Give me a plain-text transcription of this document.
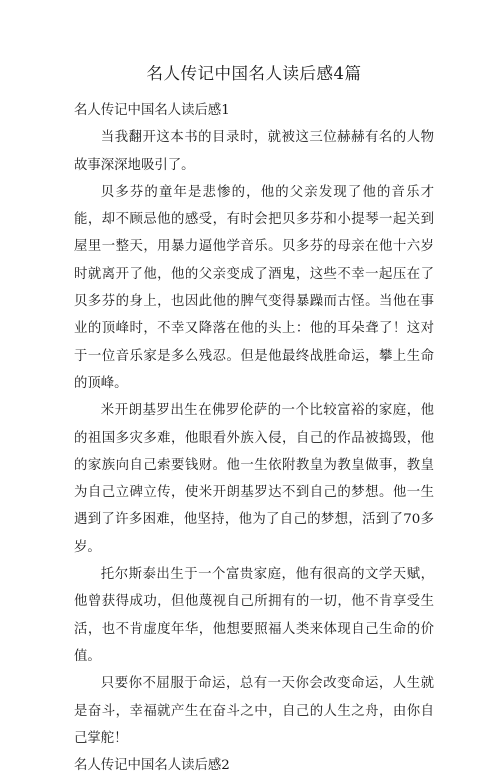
名人传记中国名人读后感4篇

名人传记中国名人读后感1

当我翻开这本书的目录时，就被这三位赫赫有名的人物故事深深地吸引了。

贝多芬的童年是悲惨的，他的父亲发现了他的音乐才能，却不顾忌他的感受，有时会把贝多芬和小提琴一起关到屋里一整天，用暴力逼他学音乐。贝多芬的母亲在他十六岁时就离开了他，他的父亲变成了酒鬼，这些不幸一起压在了贝多芬的身上，也因此他的脾气变得暴躁而古怪。当他在事业的顶峰时，不幸又降落在他的头上：他的耳朵聋了！这对于一位音乐家是多么残忍。但是他最终战胜命运，攀上生命的顶峰。

米开朗基罗出生在佛罗伦萨的一个比较富裕的家庭，他的祖国多灾多难，他眼看外族入侵，自己的作品被捣毁，他的家族向自己索要钱财。他一生依附教皇为教皇做事，教皇为自己立碑立传，使米开朗基罗达不到自己的梦想。他一生遇到了许多困难，他坚持，他为了自己的梦想，活到了70多岁。

托尔斯泰出生于一个富贵家庭，他有很高的文学天赋，他曾获得成功，但他蔑视自己所拥有的一切，他不肯享受生活，也不肯虚度年华，他想要照福人类来体现自己生命的价值。

只要你不屈服于命运，总有一天你会改变命运，人生就是奋斗，幸福就产生在奋斗之中，自己的人生之舟，由你自己掌舵！

名人传记中国名人读后感2
